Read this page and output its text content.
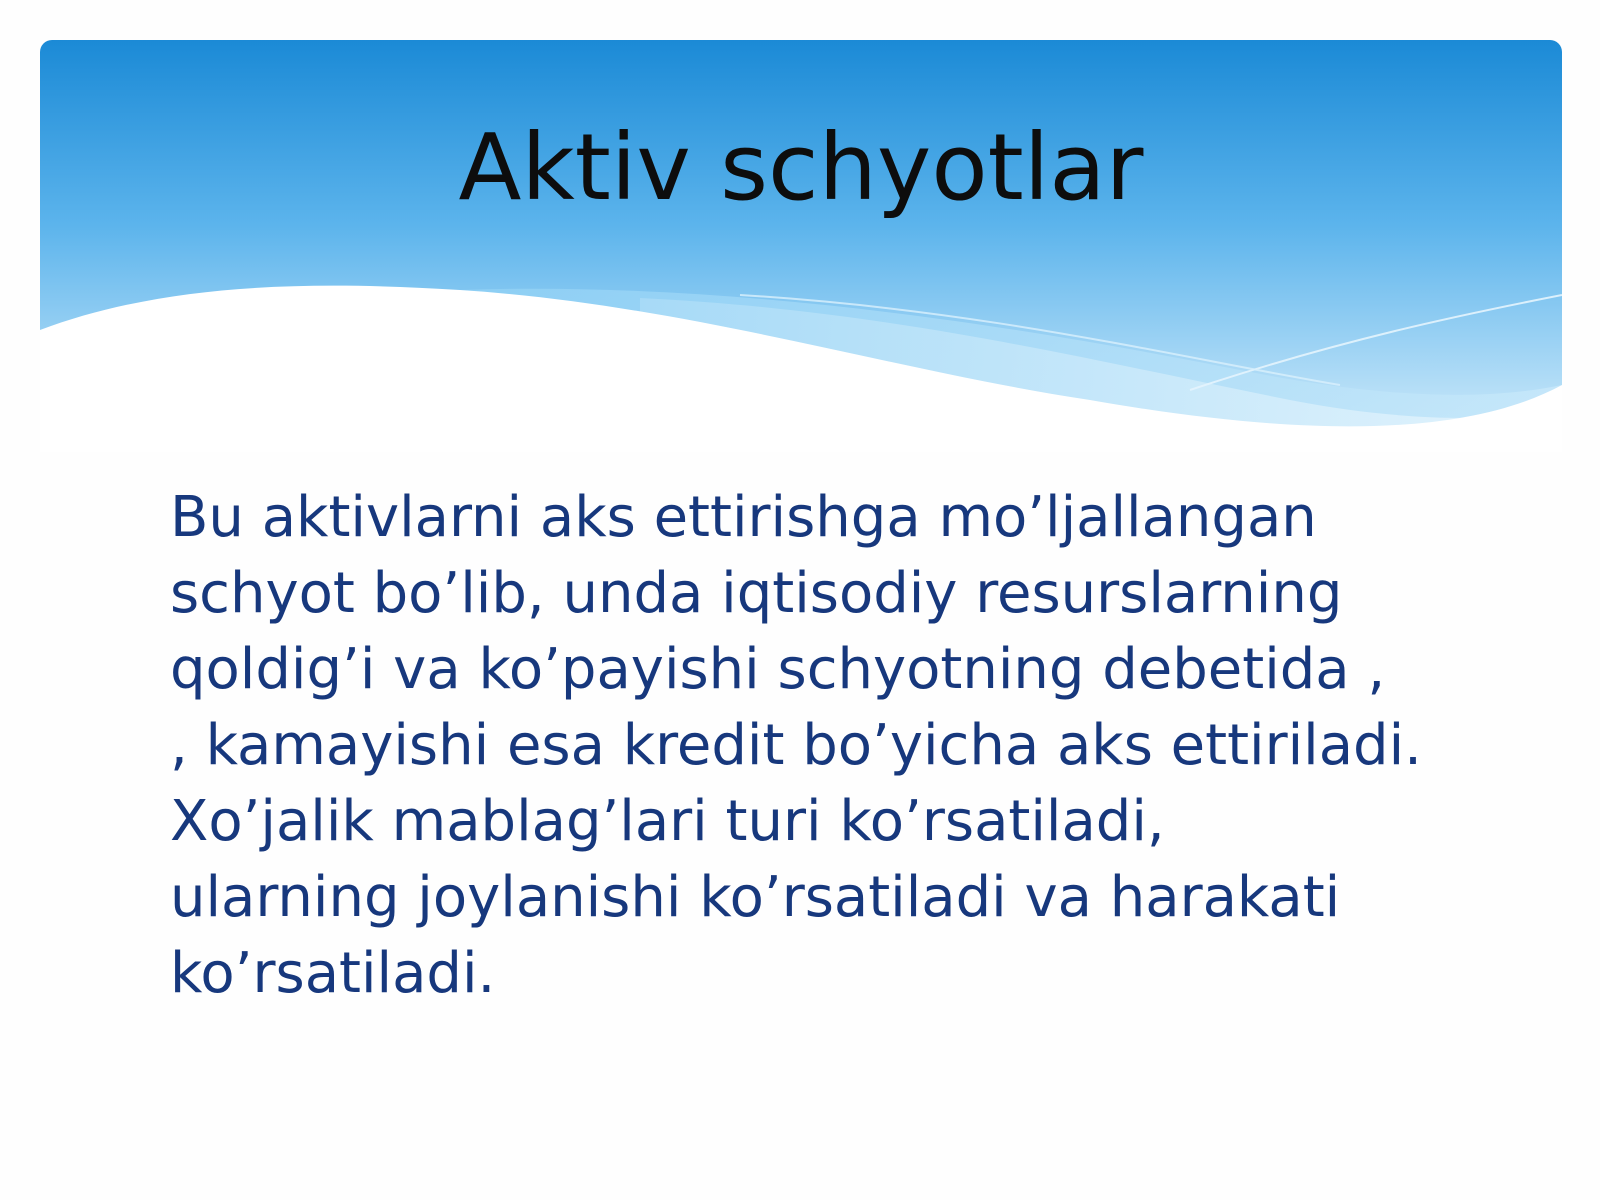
Aktiv schyotlar
Bu aktivlarni aks ettirishga mo’ljallangan
schyot bo’lib, unda iqtisodiy resurslarning
qoldig’i va ko’payishi schyotning debetida ,
, kamayishi esa kredit bo’yicha aks ettiriladi.
Xo’jalik mablag’lari turi ko’rsatiladi,
ularning joylanishi ko’rsatiladi va harakati
ko’rsatiladi.
